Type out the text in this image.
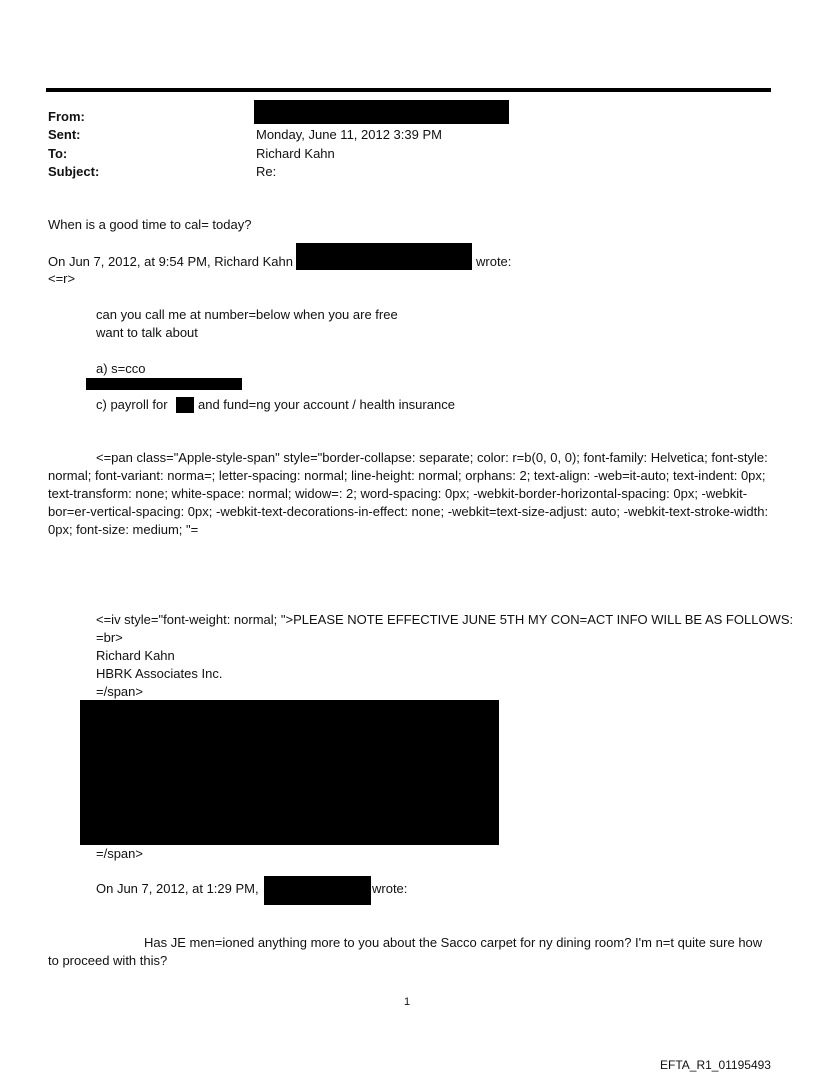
From:
Sent:	Monday, June 11, 2012 3:39 PM
To:	Richard Kahn
Subject:	Re:
When is a good time to cal= today?
On Jun 7, 2012, at 9:54 PM, Richard Kahn	wrote:
<=r>
can you call me at number=below when you are free
want to talk about
a) s=cco
c) payroll for and fund=ng your account / health insurance
<=pan class="Apple-style-span" style="border-collapse: separate; color: r=b(0, 0, 0); font-family: Helvetica; font-style: normal; font-variant: norma=; letter-spacing: normal; line-height: normal; orphans: 2; text-align: -web=it-auto; text-indent: 0px; text-transform: none; white-space: normal; widow=: 2; word-spacing: 0px; -webkit-border-horizontal-spacing: 0px; -webkit-bor=er-vertical-spacing: 0px; -webkit-text-decorations-in-effect: none; -webkit=text-size-adjust: auto; -webkit-text-stroke-width: 0px; font-size: medium; "=
<=iv style="font-weight: normal; ">PLEASE NOTE EFFECTIVE JUNE 5TH MY CON=ACT INFO WILL BE AS FOLLOWS:
=br>
Richard Kahn
HBRK Associates Inc.
=/span>
=/span>
On Jun 7, 2012, at 1:29 PM,	wrote:
Has JE men=ioned anything more to you about the Sacco carpet for ny dining room? I'm n=t quite sure how to proceed with this?
1
EFTA_R1_01195493
